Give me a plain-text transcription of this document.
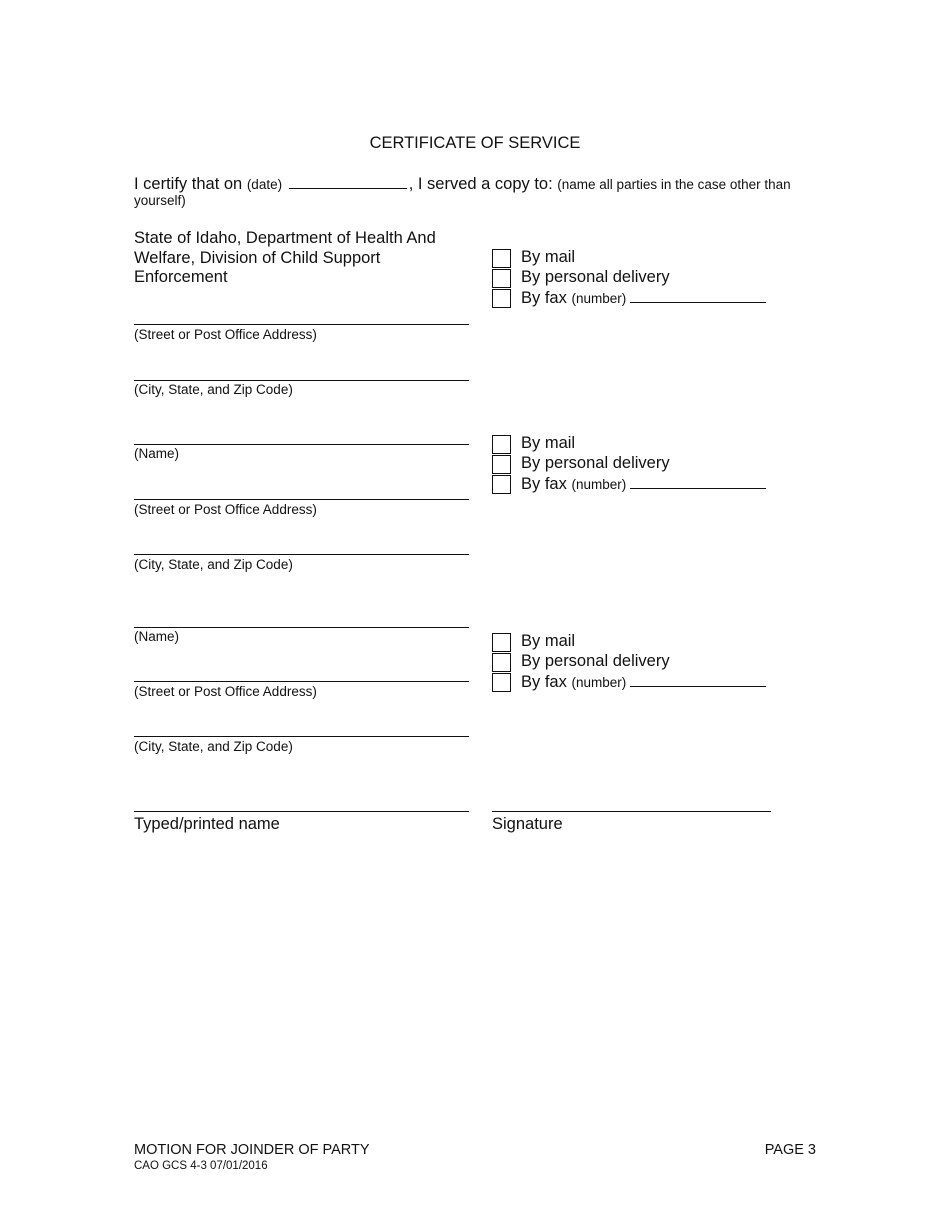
CERTIFICATE OF SERVICE
I certify that on (date)	, I served a copy to: (name all parties in the case other than
yourself)
State of Idaho, Department of Health And Welfare, Division of Child Support Enforcement
(Street or Post Office Address)
(City, State, and Zip Code)
By mail
By personal delivery
By fax (number)
(Name)
(Street or Post Office Address)
(City, State, and Zip Code)
By mail
By personal delivery
By fax (number)
(Name)
(Street or Post Office Address)
(City, State, and Zip Code)
By mail
By personal delivery
By fax (number)
Typed/printed name	Signature
MOTION FOR JOINDER OF PARTY
CAO GCS 4-3 07/01/2016
PAGE 3
